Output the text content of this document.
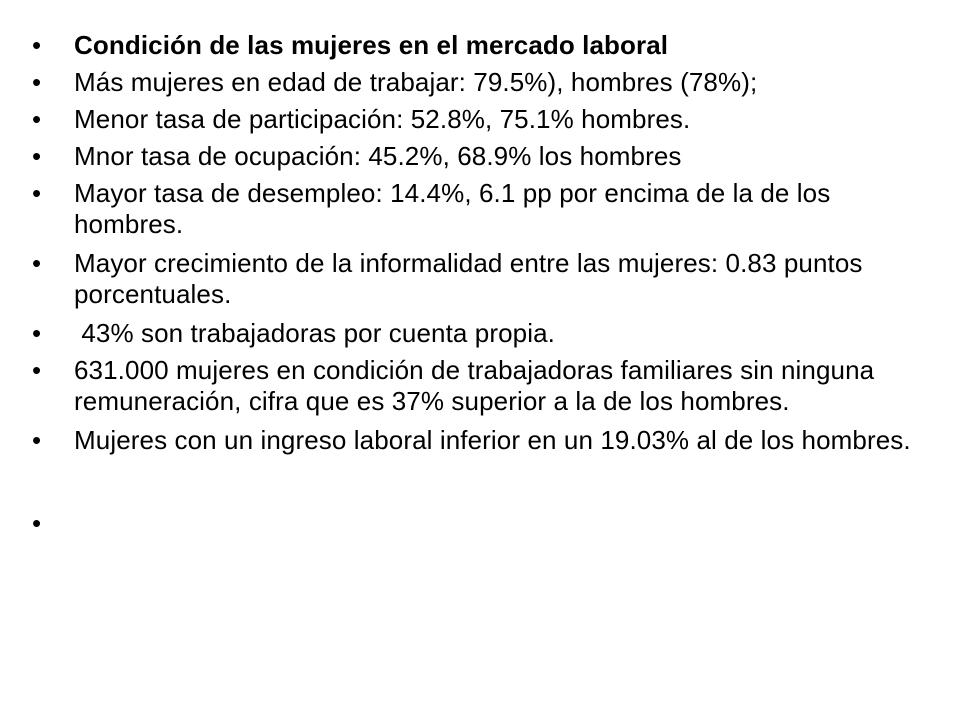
•	Condición de las mujeres en el mercado laboral
•	Más mujeres en edad de trabajar: 79.5%), hombres (78%);
•	Menor tasa de participación: 52.8%, 75.1% hombres.
•	Mnor tasa de ocupación: 45.2%, 68.9% los hombres
•	Mayor tasa de desempleo: 14.4%, 6.1 pp por encima de la de los hombres.
•	Mayor crecimiento de la informalidad entre las mujeres: 0.83 puntos porcentuales.
•	43% son trabajadoras por cuenta propia.
•	631.000 mujeres en condición de trabajadoras familiares sin ninguna remuneración, cifra que es 37% superior a la de los hombres.
•	Mujeres con un ingreso laboral inferior en un 19.03% al de los hombres.
•
